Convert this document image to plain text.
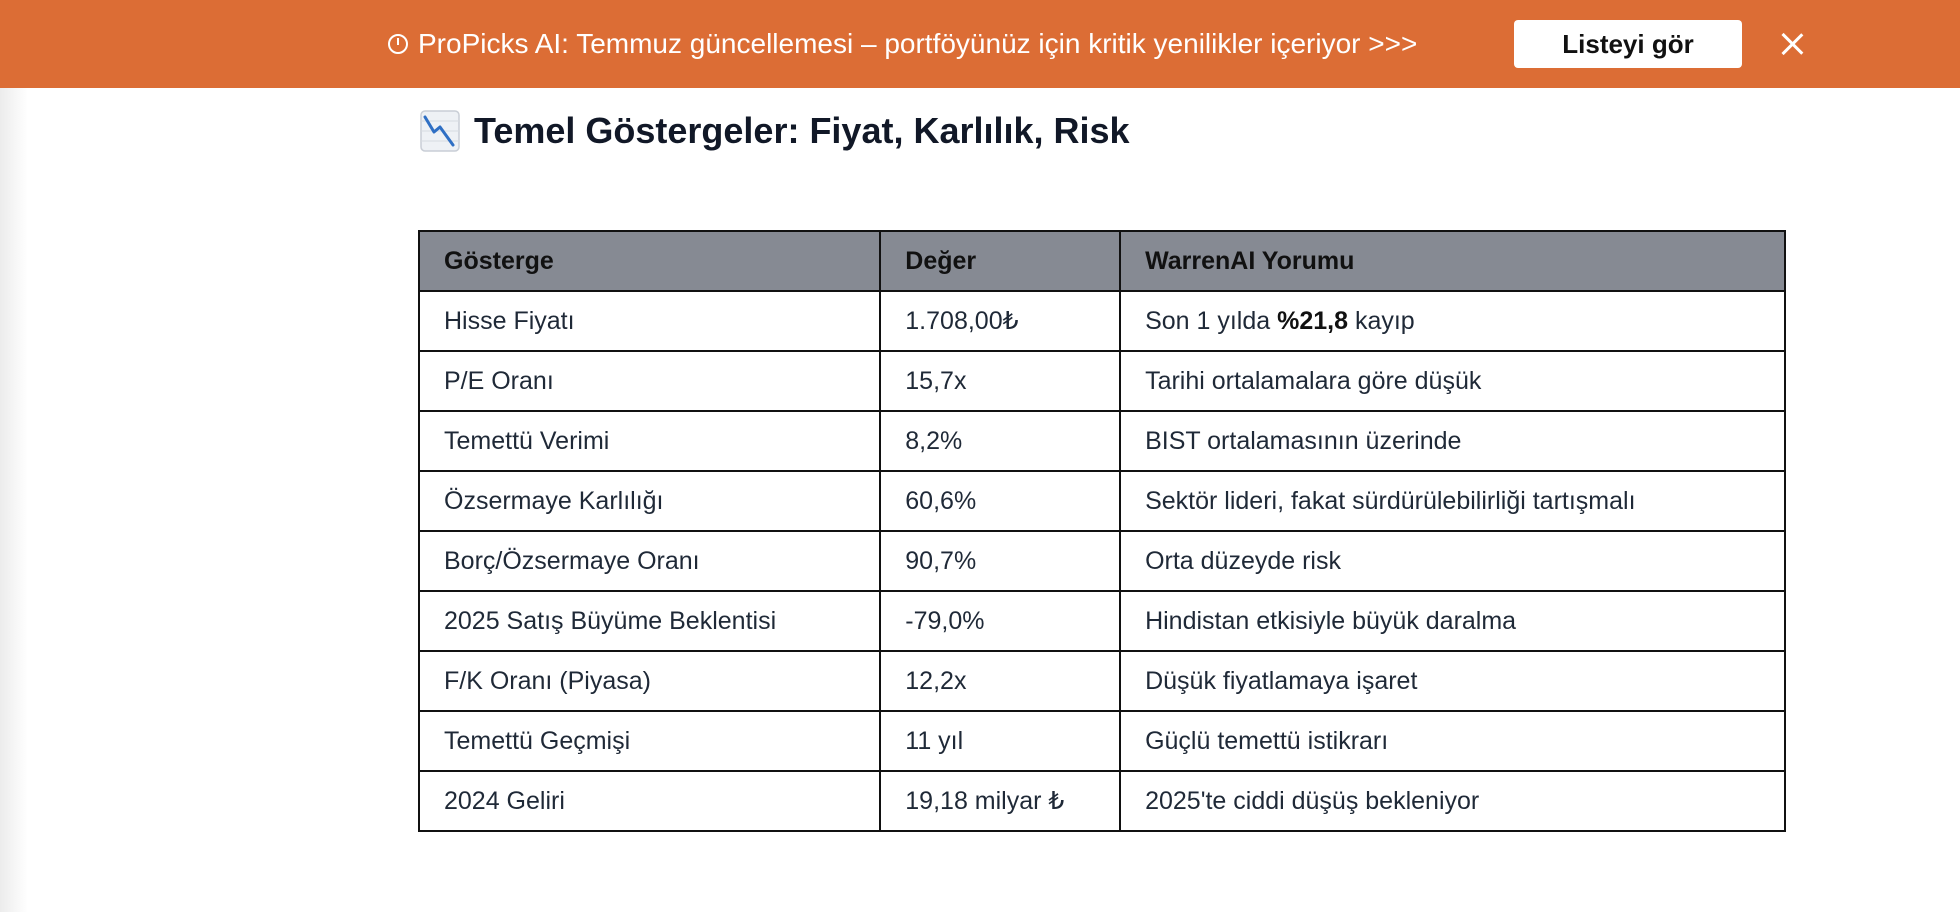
ProPicks AI: Temmuz güncellemesi – portföyünüz için kritik yenilikler içeriyor >>>	Listeyi gör
Temel Göstergeler: Fiyat, Karlılık, Risk
Gösterge	Değer	WarrenAI Yorumu
Hisse Fiyatı	1.708,00₺	Son 1 yılda %21,8 kayıp
P/E Oranı	15,7x	Tarihi ortalamalara göre düşük
Temettü Verimi	8,2%	BIST ortalamasının üzerinde
Özsermaye Karlılığı	60,6%	Sektör lideri, fakat sürdürülebilirliği tartışmalı
Borç/Özsermaye Oranı	90,7%	Orta düzeyde risk
2025 Satış Büyüme Beklentisi	-79,0%	Hindistan etkisiyle büyük daralma
F/K Oranı (Piyasa)	12,2x	Düşük fiyatlamaya işaret
Temettü Geçmişi	11 yıl	Güçlü temettü istikrarı
2024 Geliri	19,18 milyar ₺	2025'te ciddi düşüş bekleniyor
